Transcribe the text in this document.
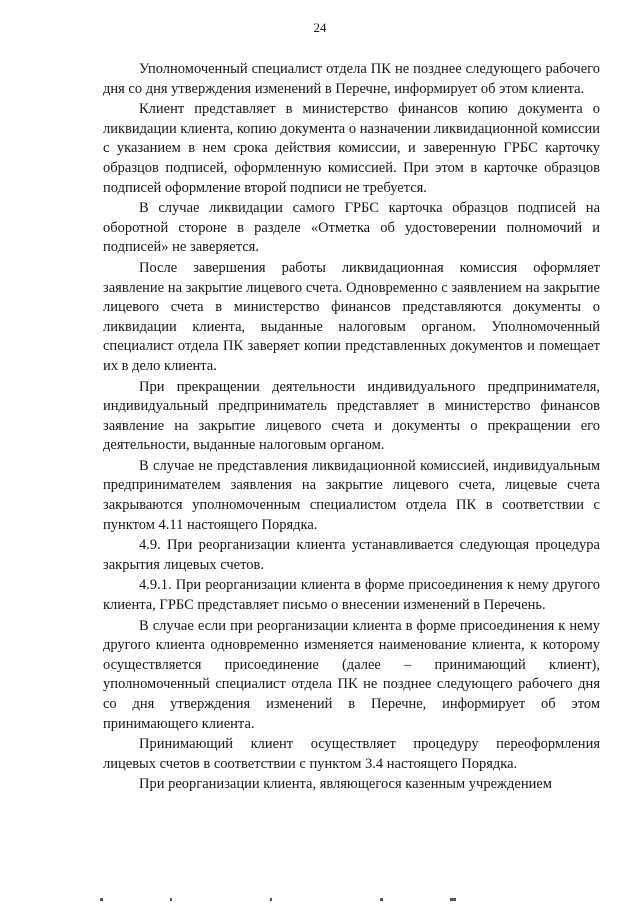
24

Уполномоченный специалист отдела ПК не позднее следующего рабочего дня со дня утверждения изменений в Перечне, информирует об этом клиента.

Клиент представляет в министерство финансов копию документа о ликвидации клиента, копию документа о назначении ликвидационной комиссии с указанием в нем срока действия комиссии, и заверенную ГРБС карточку образцов подписей, оформленную комиссией. При этом в карточке образцов подписей оформление второй подписи не требуется.

В случае ликвидации самого ГРБС карточка образцов подписей на оборотной стороне в разделе «Отметка об удостоверении полномочий и подписей» не заверяется.

После завершения работы ликвидационная комиссия оформляет заявление на закрытие лицевого счета. Одновременно с заявлением на закрытие лицевого счета в министерство финансов представляются документы о ликвидации клиента, выданные налоговым органом. Уполномоченный специалист отдела ПК заверяет копии представленных документов и помещает их в дело клиента.

При прекращении деятельности индивидуального предпринимателя, индивидуальный предприниматель представляет в министерство финансов заявление на закрытие лицевого счета и документы о прекращении его деятельности, выданные налоговым органом.

В случае не представления ликвидационной комиссией, индивидуальным предпринимателем заявления на закрытие лицевого счета, лицевые счета закрываются уполномоченным специалистом отдела ПК в соответствии с пунктом 4.11 настоящего Порядка.

4.9. При реорганизации клиента устанавливается следующая процедура закрытия лицевых счетов.

4.9.1. При реорганизации клиента в форме присоединения к нему другого клиента, ГРБС представляет письмо о внесении изменений в Перечень.

В случае если при реорганизации клиента в форме присоединения к нему другого клиента одновременно изменяется наименование клиента, к которому осуществляется присоединение (далее – принимающий клиент), уполномоченный специалист отдела ПК не позднее следующего рабочего дня со дня утверждения изменений в Перечне, информирует об этом принимающего клиента.

Принимающий клиент осуществляет процедуру переоформления лицевых счетов в соответствии с пунктом 3.4 настоящего Порядка.

При реорганизации клиента, являющегося казенным учреждением
